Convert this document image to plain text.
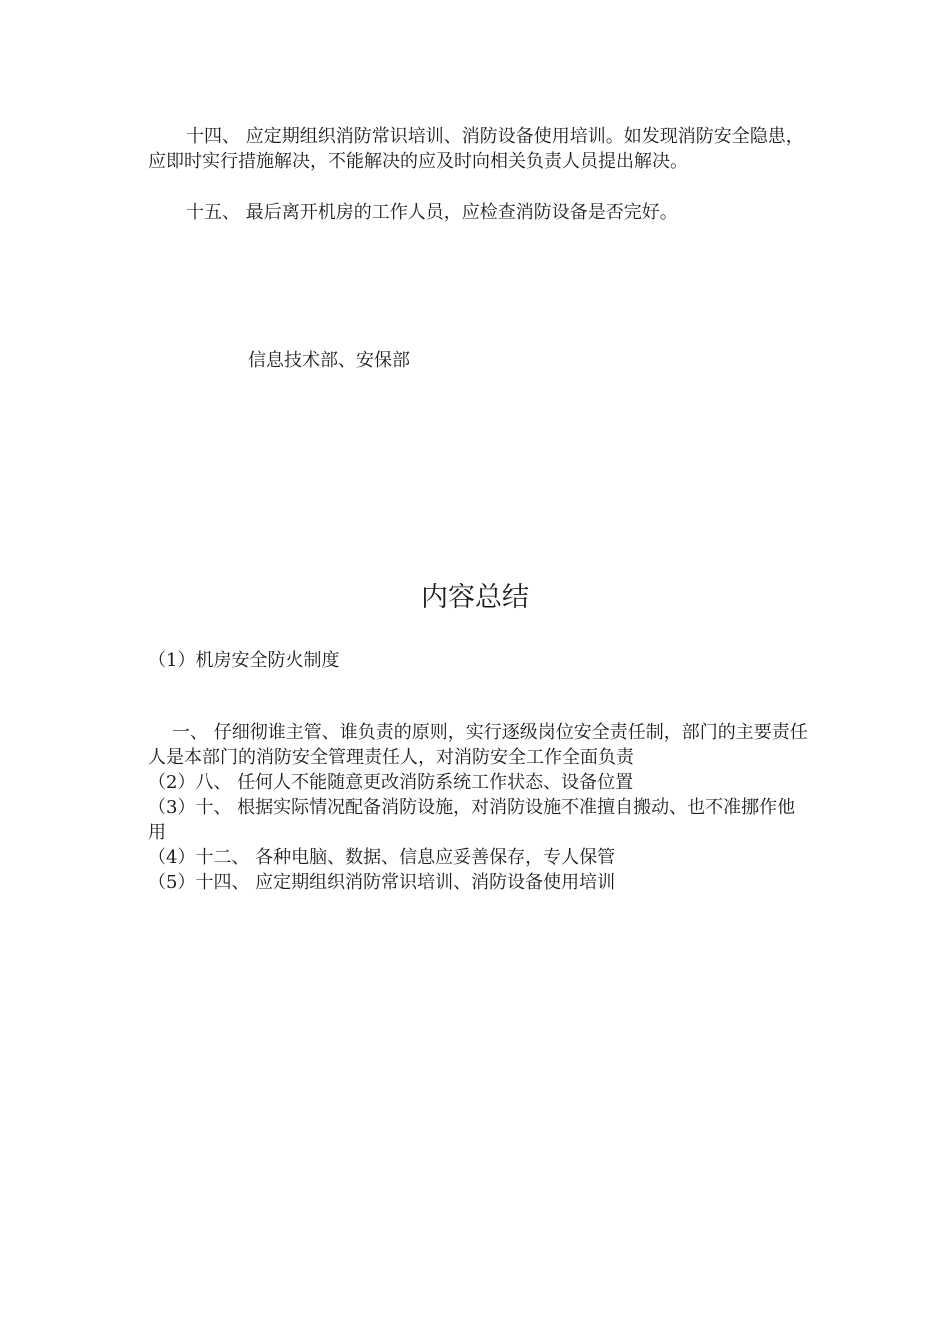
十四、 应定期组织消防常识培训、消防设备使用培训。如发现消防安全隐患，应即时实行措施解决，不能解决的应及时向相关负责人员提出解决。
十五、 最后离开机房的工作人员，应检查消防设备是否完好。
信息技术部、安保部
内容总结
（1）机房安全防火制度

一、 仔细彻谁主管、谁负责的原则，实行逐级岗位安全责任制，部门的主要责任人是本部门的消防安全管理责任人，对消防安全工作全面负责

（2）八、 任何人不能随意更改消防系统工作状态、设备位置

（3）十、 根据实际情况配备消防设施，对消防设施不准擅自搬动、也不准挪作他用

（4）十二、 各种电脑、数据、信息应妥善保存，专人保管

（5）十四、 应定期组织消防常识培训、消防设备使用培训
